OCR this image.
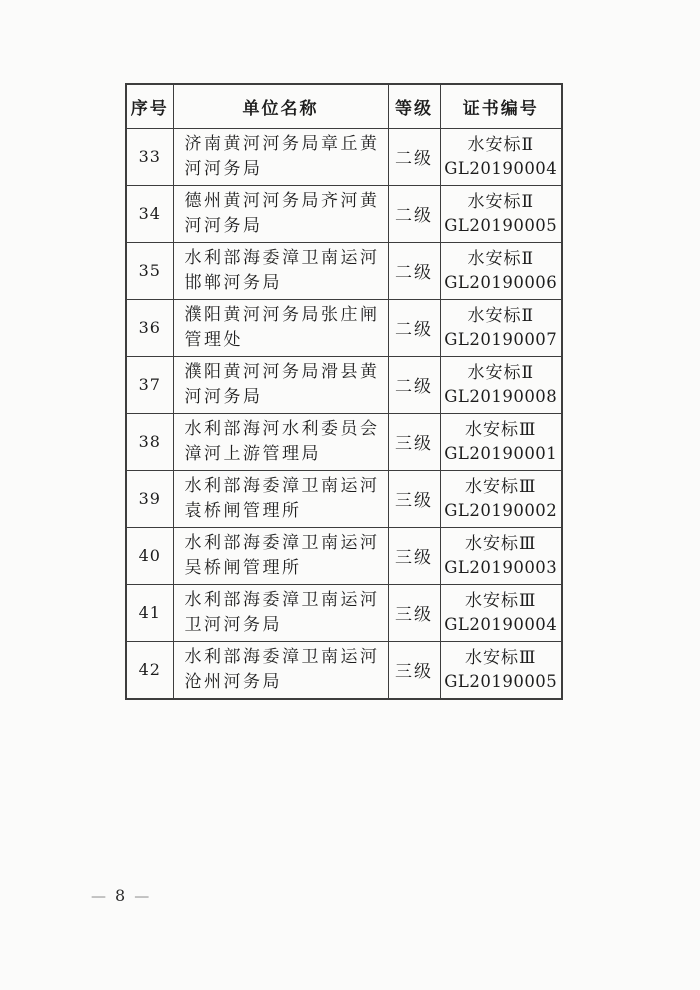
序号	单位名称	等级	证书编号
33	济南黄河河务局章丘黄河河务局	二级	水安标Ⅱ
GL20190004

34	德州黄河河务局齐河黄河河务局	二级	水安标Ⅱ
GL20190005

35	水利部海委漳卫南运河邯郸河务局	二级	水安标Ⅱ
GL20190006

36	濮阳黄河河务局张庄闸管理处	二级	水安标Ⅱ
GL20190007

37	濮阳黄河河务局滑县黄河河务局	二级	水安标Ⅱ
GL20190008

38	水利部海河水利委员会漳河上游管理局	三级	水安标Ⅲ
GL20190001

39	水利部海委漳卫南运河袁桥闸管理所	三级	水安标Ⅲ
GL20190002

40	水利部海委漳卫南运河吴桥闸管理所	三级	水安标Ⅲ
GL20190003

41	水利部海委漳卫南运河卫河河务局	三级	水安标Ⅲ
GL20190004

42	水利部海委漳卫南运河沧州河务局	三级	水安标Ⅲ
GL20190005
— 8 —
